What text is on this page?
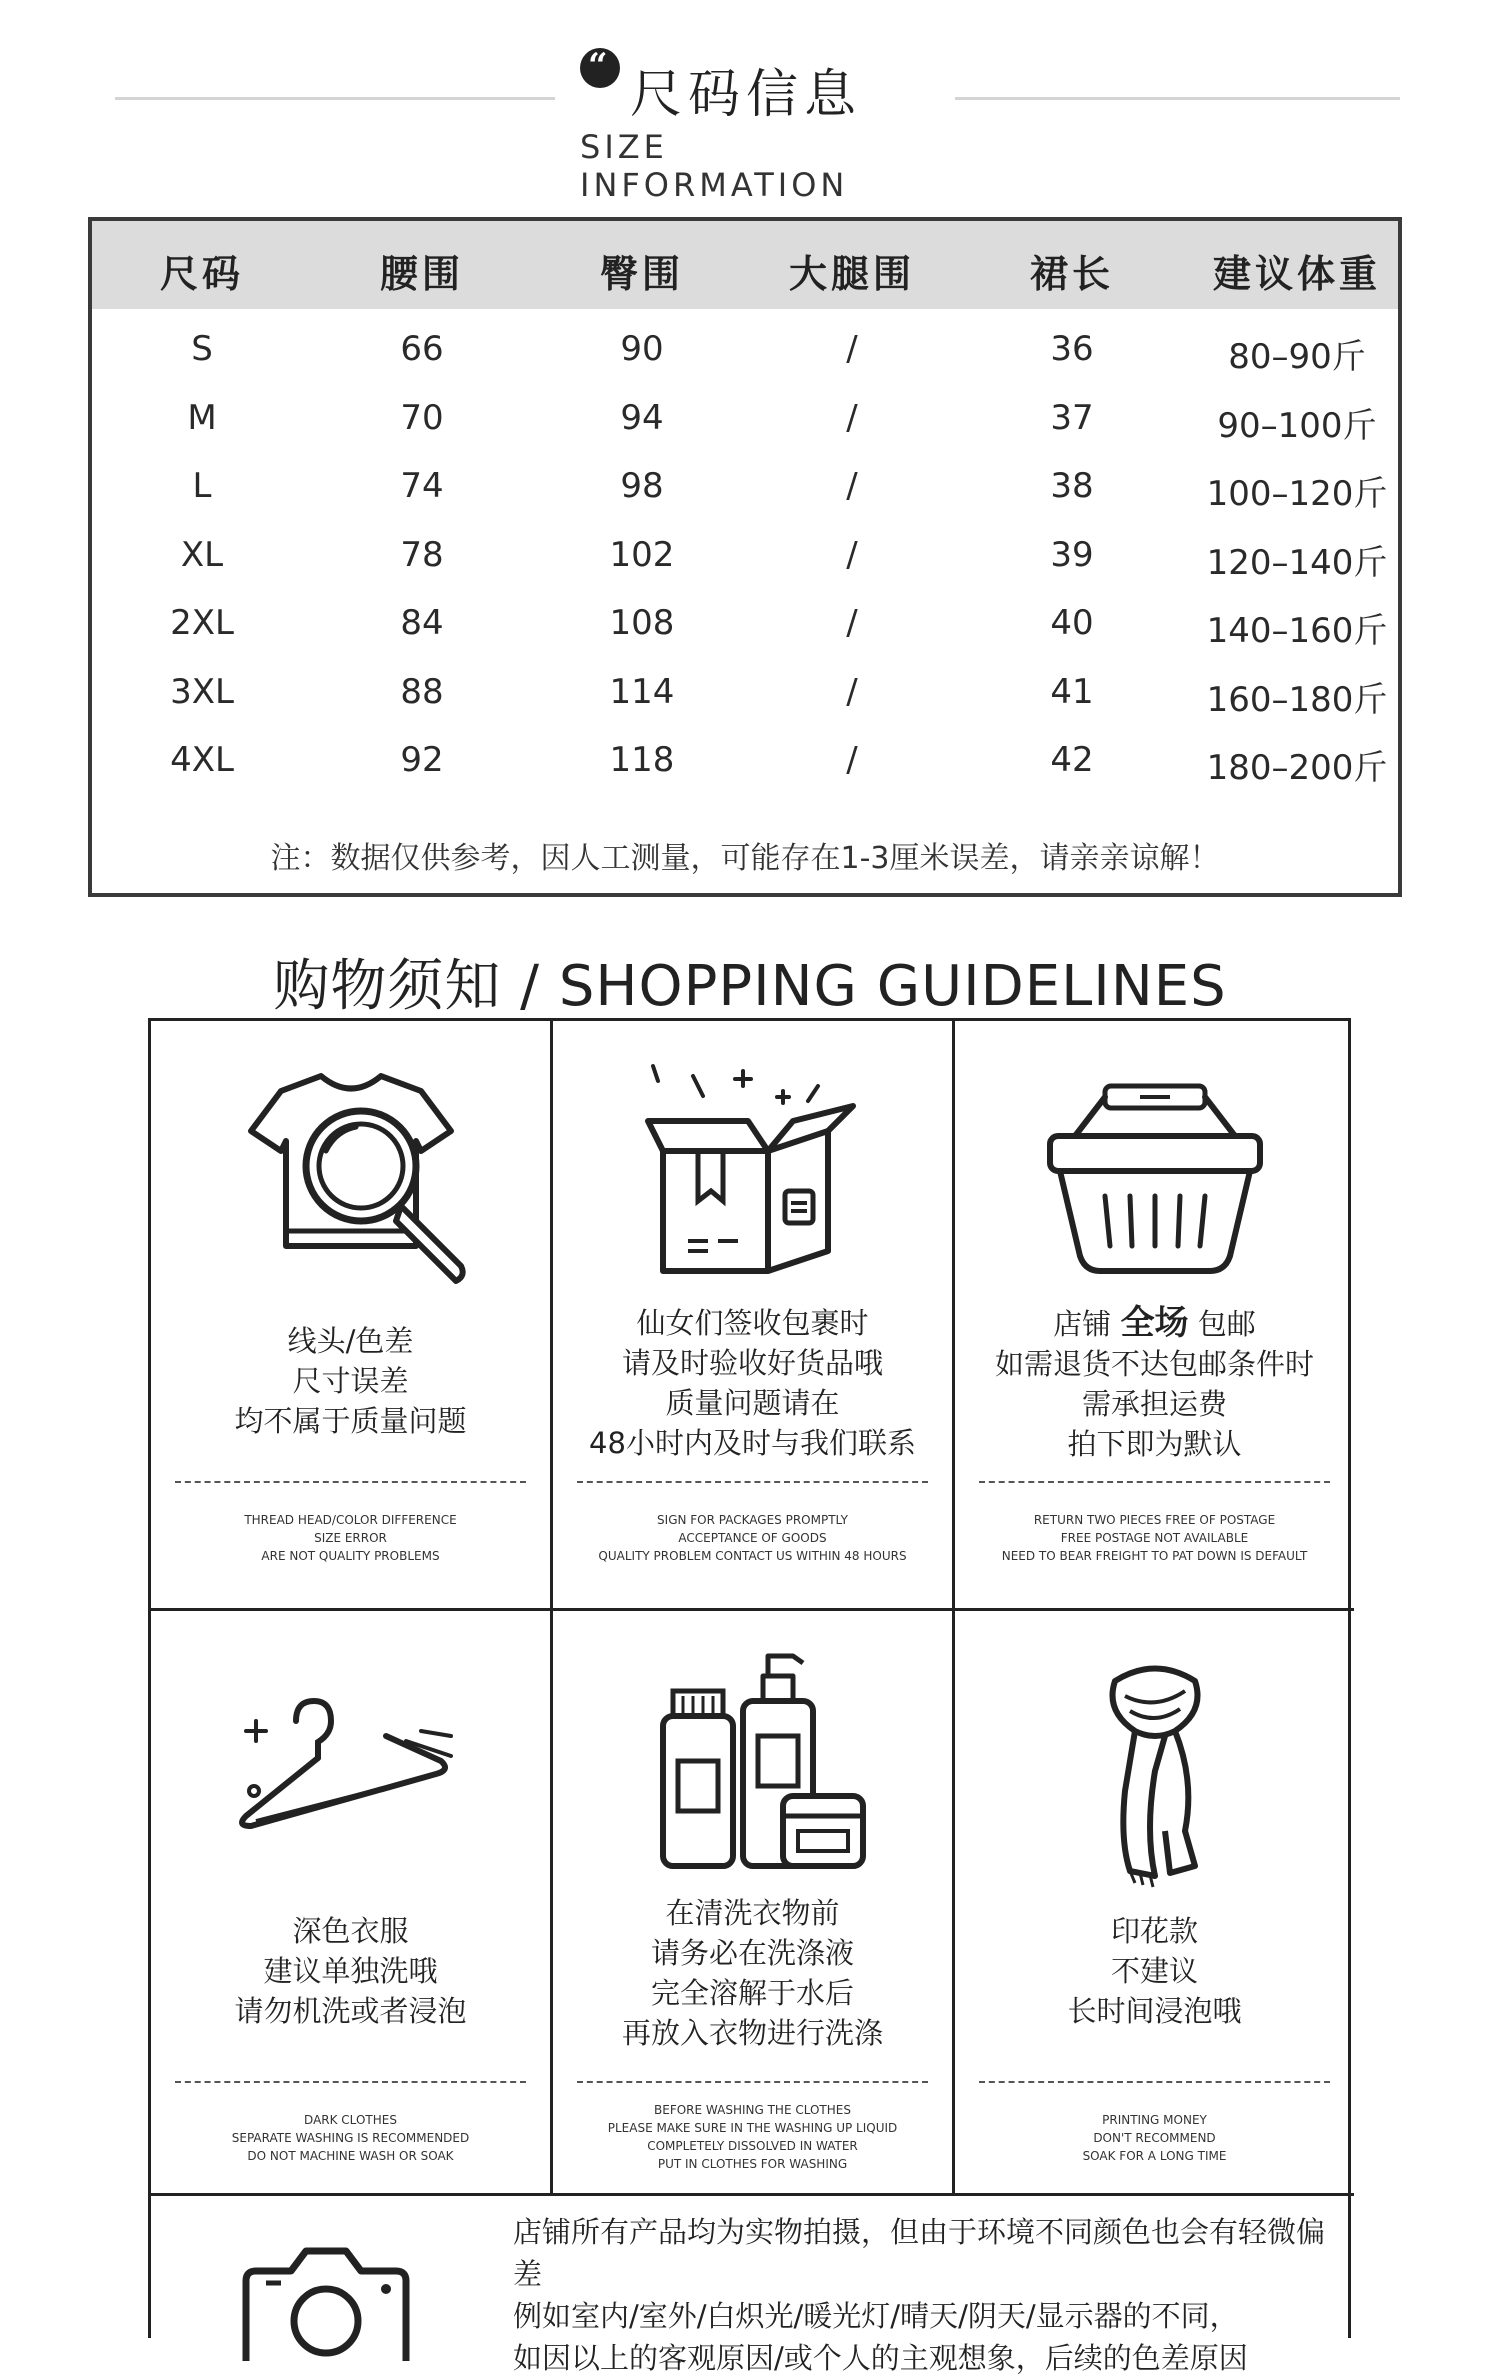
“ 尺码信息
SIZE INFORMATION
尺码	腰围	臀围	大腿围	裙长	建议体重
S	66	90	/	36	80–90斤
M	70	94	/	37	90–100斤
L	74	98	/	38	100–120斤
XL	78	102	/	39	120–140斤
2XL	84	108	/	40	140–160斤
3XL	88	114	/	41	160–180斤
4XL	92	118	/	42	180–200斤
注：数据仅供参考，因人工测量，可能存在1-3厘米误差，请亲亲谅解！
购物须知 / SHOPPING GUIDELINES
线头/色差
尺寸误差
均不属于质量问题
THREAD HEAD/COLOR DIFFERENCE
SIZE ERROR
ARE NOT QUALITY PROBLEMS
仙女们签收包裹时
请及时验收好货品哦
质量问题请在
48小时内及时与我们联系
SIGN FOR PACKAGES PROMPTLY
ACCEPTANCE OF GOODS
QUALITY PROBLEM CONTACT US WITHIN 48 HOURS
店铺 全场 包邮
如需退货不达包邮条件时
需承担运费
拍下即为默认
RETURN TWO PIECES FREE OF POSTAGE
FREE POSTAGE NOT AVAILABLE
NEED TO BEAR FREIGHT TO PAT DOWN IS DEFAULT
深色衣服
建议单独洗哦
请勿机洗或者浸泡
DARK CLOTHES
SEPARATE WASHING IS RECOMMENDED
DO NOT MACHINE WASH OR SOAK
在清洗衣物前
请务必在洗涤液
完全溶解于水后
再放入衣物进行洗涤
BEFORE WASHING THE CLOTHES
PLEASE MAKE SURE IN THE WASHING UP LIQUID
COMPLETELY DISSOLVED IN WATER
PUT IN CLOTHES FOR WASHING
印花款
不建议
长时间浸泡哦
PRINTING MONEY
DON'T RECOMMEND
SOAK FOR A LONG TIME
店铺所有产品均为实物拍摄，但由于环境不同颜色也会有轻微偏差
例如室内/室外/白炽光/暖光灯/晴天/阴天/显示器的不同，
如因以上的客观原因/或个人的主观想象，后续的色差原因
